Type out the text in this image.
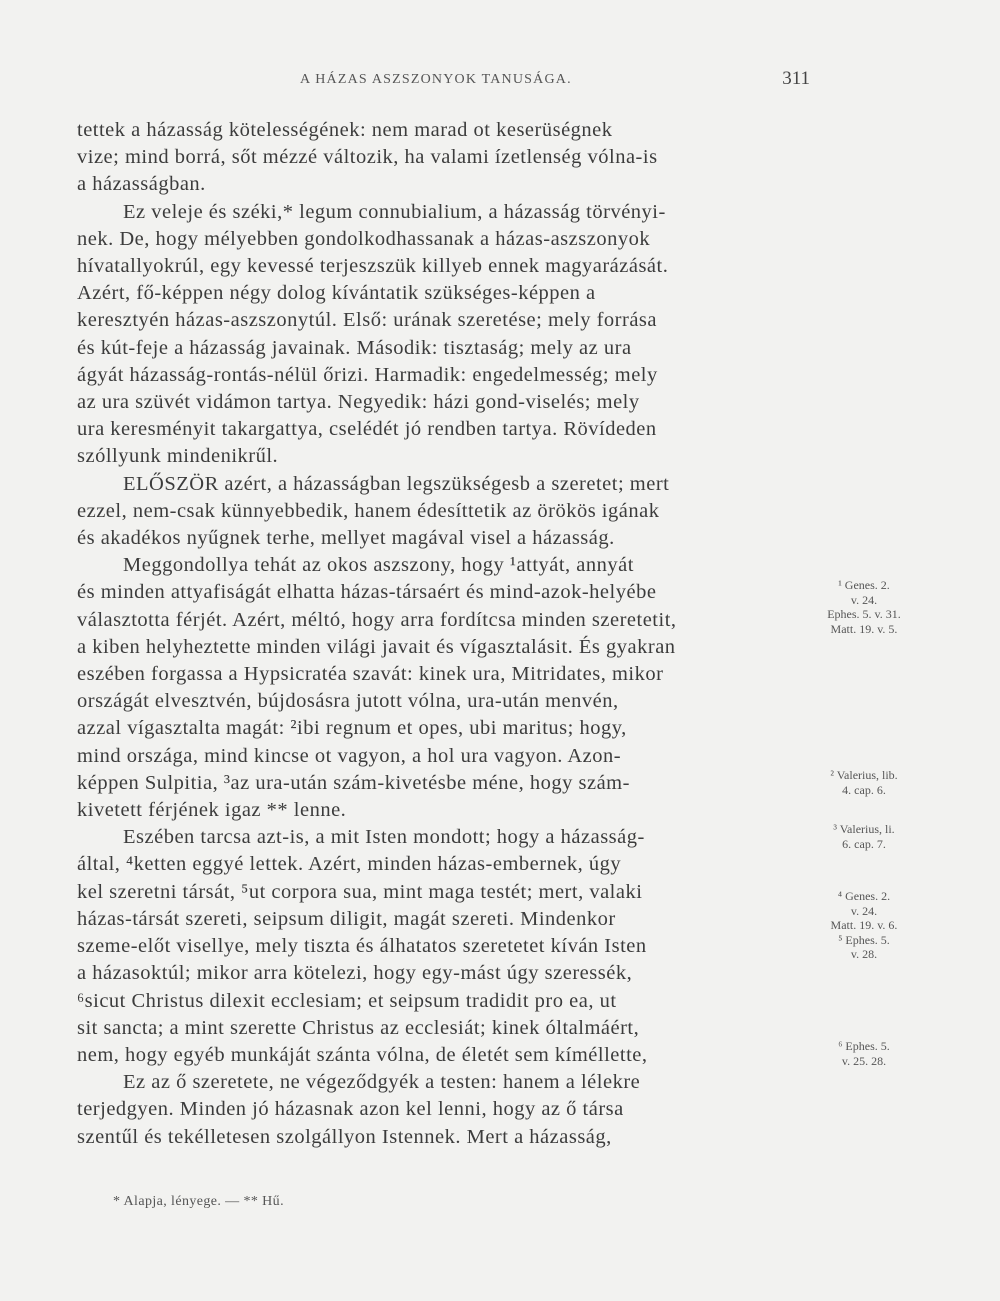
A HÁZAS ASZSZONYOK TANUSÁGA.	311

tettek a házasság kötelességének: nem marad ot keserüségnek
vize; mind borrá, sőt mézzé változik, ha valami ízetlenség vólna-is
a házasságban.

Ez veleje és széki,* legum connubialium, a házasság törvényi-
nek. De, hogy mélyebben gondolkodhassanak a házas-aszszonyok
hívatallyokrúl, egy kevessé terjeszszük killyeb ennek magyarázását.
Azért, fő-képpen négy dolog kívántatik szükséges-képpen a
keresztyén házas-aszszonytúl. Első: urának szeretése; mely forrása
és kút-feje a házasság javainak. Második: tisztaság; mely az ura
ágyát házasság-rontás-nélül őrizi. Harmadik: engedelmesség; mely
az ura szüvét vidámon tartya. Negyedik: házi gond-viselés; mely
ura keresményit takargattya, cselédét jó rendben tartya. Rövídeden
szóllyunk mindenikrűl.

ELŐSZÖR azért, a házasságban legszükségesb a szeretet; mert
ezzel, nem-csak künnyebbedik, hanem édesíttetik az örökös igának
és akadékos nyűgnek terhe, mellyet magával visel a házasság.

Meggondollya tehát az okos aszszony, hogy ¹attyát, annyát
és minden attyafiságát elhatta házas-társaért és mind-azok-helyébe
választotta férjét. Azért, méltó, hogy arra fordítcsa minden szeretetit,
a kiben helyheztette minden világi javait és vígasztalásit. És gyakran
eszében forgassa a Hypsicratéa szavát: kinek ura, Mitridates, mikor
országát elvesztvén, bújdosásra jutott vólna, ura-után menvén,
azzal vígasztalta magát: ²ibi regnum et opes, ubi maritus; hogy,
mind országa, mind kincse ot vagyon, a hol ura vagyon. Azon-
képpen Sulpitia, ³az ura-után szám-kivetésbe ménе, hogy szám-
kivetett férjének igaz ** lenne.

Eszében tarcsa azt-is, a mit Isten mondott; hogy a házasság-
által, ⁴ketten eggyé lettek. Azért, minden házas-embernek, úgy
kel szeretni társát, ⁵ut corpora sua, mint maga testét; mert, valaki
házas-társát szereti, seipsum diligit, magát szereti. Mindenkor
szeme-előt visellye, mely tiszta és álhatatos szeretetet kíván Isten
a házasoktúl; mikor arra kötelezi, hogy egy-mást úgy szeressék,
⁶sicut Christus dilexit ecclesiam; et seipsum tradidit pro ea, ut
sit sancta; a mint szerette Christus az ecclesiát; kinek óltalmáért,
nem, hogy egyéb munkáját szánta vólna, de életét sem kíméllette,

Ez az ő szeretete, ne végeződgyék a testen: hanem a lélekre
terjedgyen. Minden jó házasnak azon kel lenni, hogy az ő társa
szentűl és tekélletesen szolgállyon Istennek. Mert a házasság,

¹ Genes. 2.
v. 24.
Ephes. 5. v. 31.
Matt. 19. v. 5.
² Valerius, lib.
4. cap. 6.
³ Valerius, li.
6. cap. 7.
⁴ Genes. 2.
v. 24.
Matt. 19. v. 6.
⁵ Ephes. 5.
v. 28.
⁶ Ephes. 5.
v. 25. 28.
* Alapja, lényege. — ** Hű.
